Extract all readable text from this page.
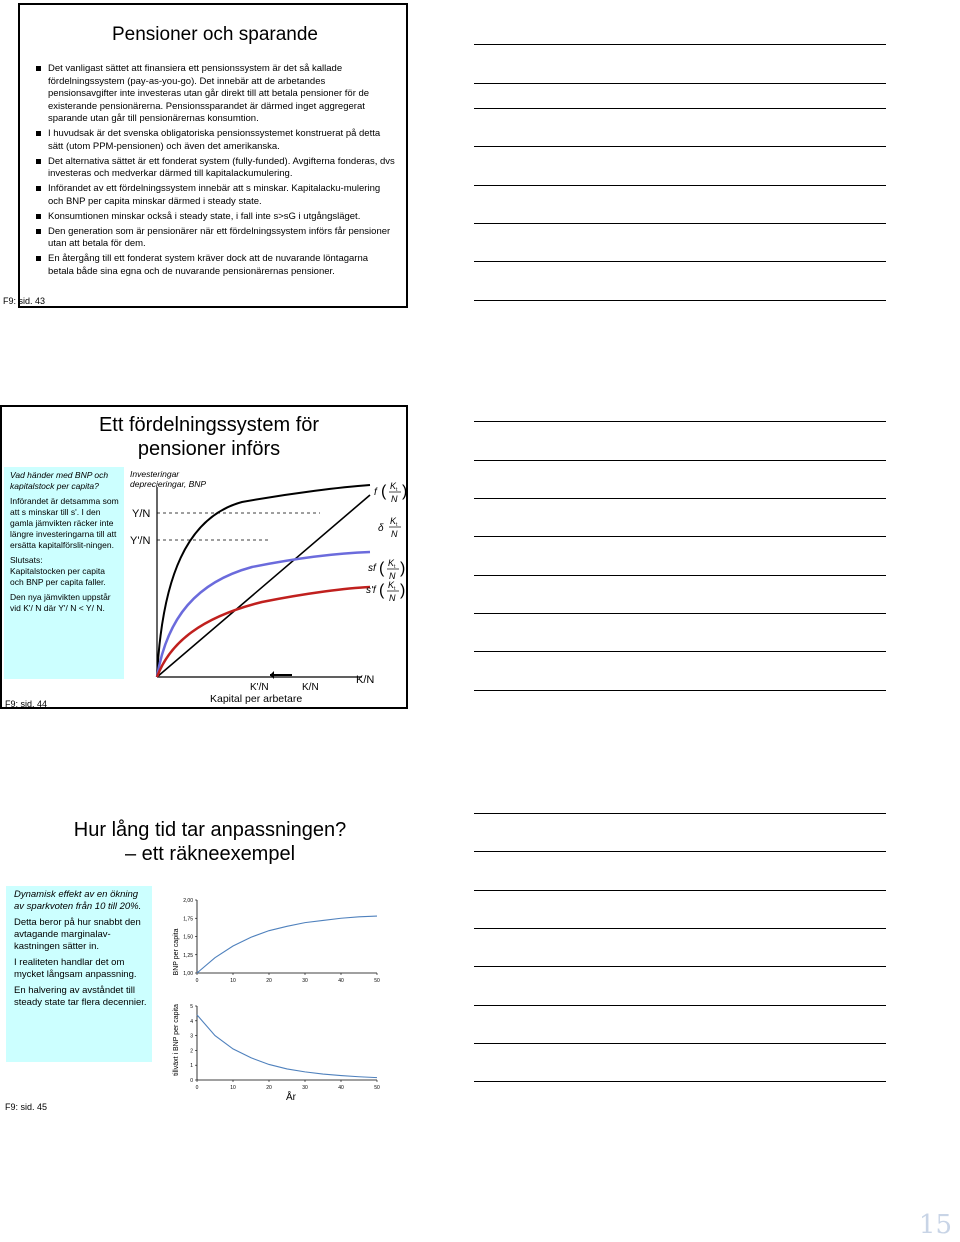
Pensioner och sparande
Det vanligast sättet att finansiera ett pensionssystem är det så kallade fördelningssystem (pay-as-you-go). Det innebär att de arbetandes pensionsavgifter inte investeras utan går direkt till att betala pensioner för de existerande pensionärerna. Pensionssparandet är därmed inget aggregerat sparande utan går till pensionärernas konsumtion.
I huvudsak är det svenska obligatoriska pensionssystemet konstruerat på detta sätt (utom PPM-pensionen) och även det amerikanska.
Det alternativa sättet är ett fonderat system (fully-funded). Avgifterna fonderas, dvs investeras och medverkar därmed till kapitalackumulering.
Införandet av ett fördelningssystem innebär att s minskar. Kapitalacku-mulering och BNP per capita minskar därmed i steady state.
Konsumtionen minskar också i steady state, i fall inte s>sG i utgångsläget.
Den generation som är pensionärer när ett fördelningssystem införs får pensioner utan att betala för dem.
En återgång till ett fonderat system kräver dock att de nuvarande löntagarna betala både sina egna och de nuvarande pensionärernas pensioner.
F9: sid. 43
Ett fördelningssystem för
pensioner införs
Vad händer med BNP och kapitalstock per capita?
Införandet är detsamma som att s minskar till s'. I den gamla jämvikten räcker inte längre investeringarna till att ersätta kapitalförslit-ningen.
Slutsats:
Kapitalstocken per capita och BNP per capita faller.
Den nya jämvikten uppstår vid K'/ N där Y'/ N < Y/ N.
Investeringar
deprecieringar, BNP
Y/N
Y'/N
K'/N	K/N
K/N
Kapital per arbetare
f ( K t
N )
δ
K t
N
sf ( K t
N )
s'f ( K t
N )
F9: sid. 44
Hur lång tid tar anpassningen?
– ett räkneexempel
Dynamisk effekt av en ökning av sparkvoten från 10 till 20%.
Detta beror på hur snabbt den avtagande marginalav-kastningen sätter in.
I realiteten handlar det om mycket långsam anpassning.
En halvering av avståndet till steady state tar flera decennier.
BNP per capita
tillväxt i BNP per capita
År
1,00
1,25
1,50
1,75
2,00
0	10	20	30	40	50
0
1
2
3
4
5
0	10	20	30	40	50
F9: sid. 45
15
